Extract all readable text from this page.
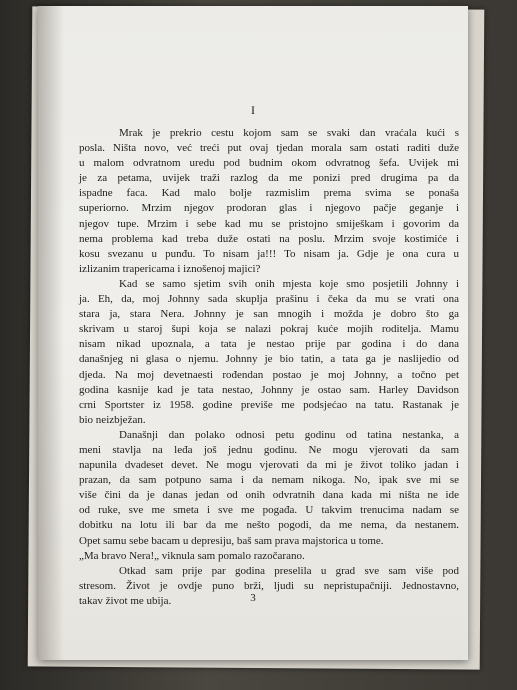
I
Mrak je prekrio cestu kojom sam se svaki dan vraćala kući s
posla. Ništa novo, već treći put ovaj tjedan morala sam ostati raditi duže
u malom odvratnom uredu pod budnim okom odvratnog šefa. Uvijek mi
je za petama, uvijek traži razlog da me ponizi pred drugima pa da
ispadne faca. Kad malo bolje razmislim prema svima se ponaša
superiorno. Mrzim njegov prodoran glas i njegovo pačje geganje i
njegov tupe. Mrzim i sebe kad mu se pristojno smiješkam i govorim da
nema problema kad treba duže ostati na poslu. Mrzim svoje kostimiće i
kosu svezanu u punđu. To nisam ja!!! To nisam ja. Gdje je ona cura u
izlizanim trapericama i iznošenoj majici?
Kad se samo sjetim svih onih mjesta koje smo posjetili Johnny i
ja. Eh, da, moj Johnny sada skuplja prašinu i čeka da mu se vrati ona
stara ja, stara Nera. Johnny je san mnogih i možda je dobro što ga
skrivam u staroj šupi koja se nalazi pokraj kuće mojih roditelja. Mamu
nisam nikad upoznala, a tata je nestao prije par godina i do dana
današnjeg ni glasa o njemu. Johnny je bio tatin, a tata ga je naslijedio od
djeda. Na moj devetnaesti rođendan postao je moj Johnny, a točno pet
godina kasnije kad je tata nestao, Johnny je ostao sam. Harley Davidson
crni Sportster iz 1958. godine previše me podsjećao na tatu. Rastanak je
bio neizbježan.
Današnji dan polako odnosi petu godinu od tatina nestanka, a
meni stavlja na leđa još jednu godinu. Ne mogu vjerovati da sam
napunila dvadeset devet. Ne mogu vjerovati da mi je život toliko jadan i
prazan, da sam potpuno sama i da nemam nikoga. No, ipak sve mi se
više čini da je danas jedan od onih odvratnih dana kada mi ništa ne ide
od ruke, sve me smeta i sve me pogađa. U takvim trenucima nadam se
dobitku na lotu ili bar da me nešto pogodi, da me nema, da nestanem.
Opet samu sebe bacam u depresiju, baš sam prava majstorica u tome.
„Ma bravo Nera!„ viknula sam pomalo razočarano.
Otkad sam prije par godina preselila u grad sve sam više pod
stresom. Život je ovdje puno brži, ljudi su nepristupačniji. Jednostavno,
takav život me ubija.	3
